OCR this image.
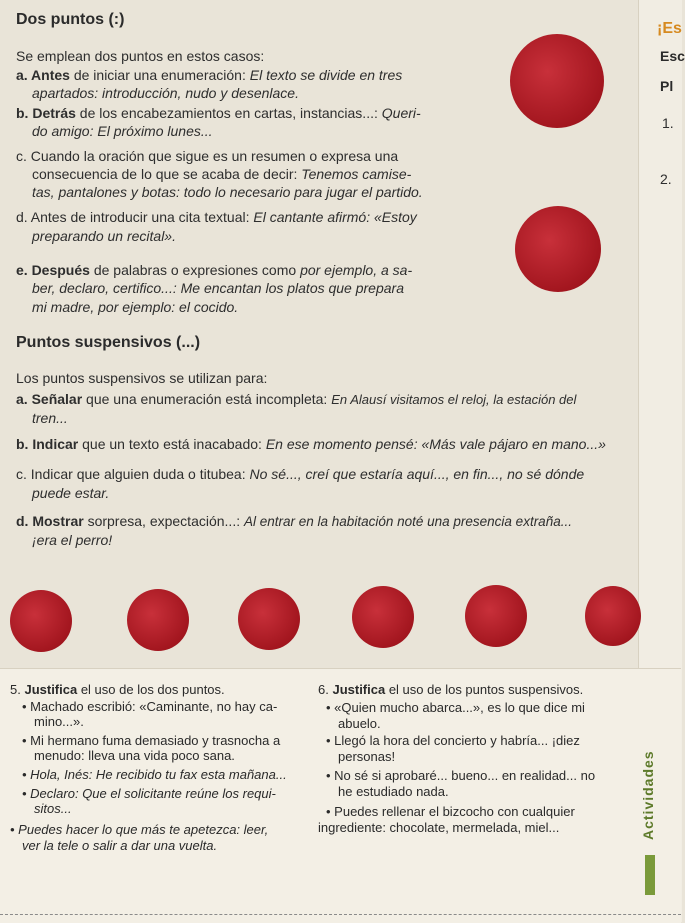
¡Es
Esc
Pl
1.
2.
Dos puntos (:)
Se emplean dos puntos en estos casos:
a. Antes de iniciar una enumeración: El texto se divide en tres
apartados: introducción, nudo y desenlace.
b. Detrás de los encabezamientos en cartas, instancias...: Queri-
do amigo: El próximo lunes...
c. Cuando la oración que sigue es un resumen o expresa una
consecuencia de lo que se acaba de decir: Tenemos camise-
tas, pantalones y botas: todo lo necesario para jugar el partido.
d. Antes de introducir una cita textual: El cantante afirmó: «Estoy
preparando un recital».
e. Después de palabras o expresiones como por ejemplo, a sa-
ber, declaro, certifico...: Me encantan los platos que prepara
mi madre, por ejemplo: el cocido.
Puntos suspensivos (...)
Los puntos suspensivos se utilizan para:
a. Señalar que una enumeración está incompleta: En Alausí visitamos el reloj, la estación del
tren...
b. Indicar que un texto está inacabado: En ese momento pensé: «Más vale pájaro en mano...»
c. Indicar que alguien duda o titubea: No sé..., creí que estaría aquí..., en fin..., no sé dónde
puede estar.
d. Mostrar sorpresa, expectación...: Al entrar en la habitación noté una presencia extraña...
¡era el perro!
5. Justifica el uso de los dos puntos.
• Machado escribió: «Caminante, no hay ca-
mino...».
• Mi hermano fuma demasiado y trasnocha a
menudo: lleva una vida poco sana.
• Hola, Inés: He recibido tu fax esta mañana...
• Declaro: Que el solicitante reúne los requi-
sitos...
• Puedes hacer lo que más te apetezca: leer,
ver la tele o salir a dar una vuelta.
6. Justifica el uso de los puntos suspensivos.
• «Quien mucho abarca...», es lo que dice mi
abuelo.
• Llegó la hora del concierto y habría... ¡diez
personas!
• No sé si aprobaré... bueno... en realidad... no
he estudiado nada.
• Puedes rellenar el bizcocho con cualquier
ingrediente: chocolate, mermelada, miel...	Actividades
